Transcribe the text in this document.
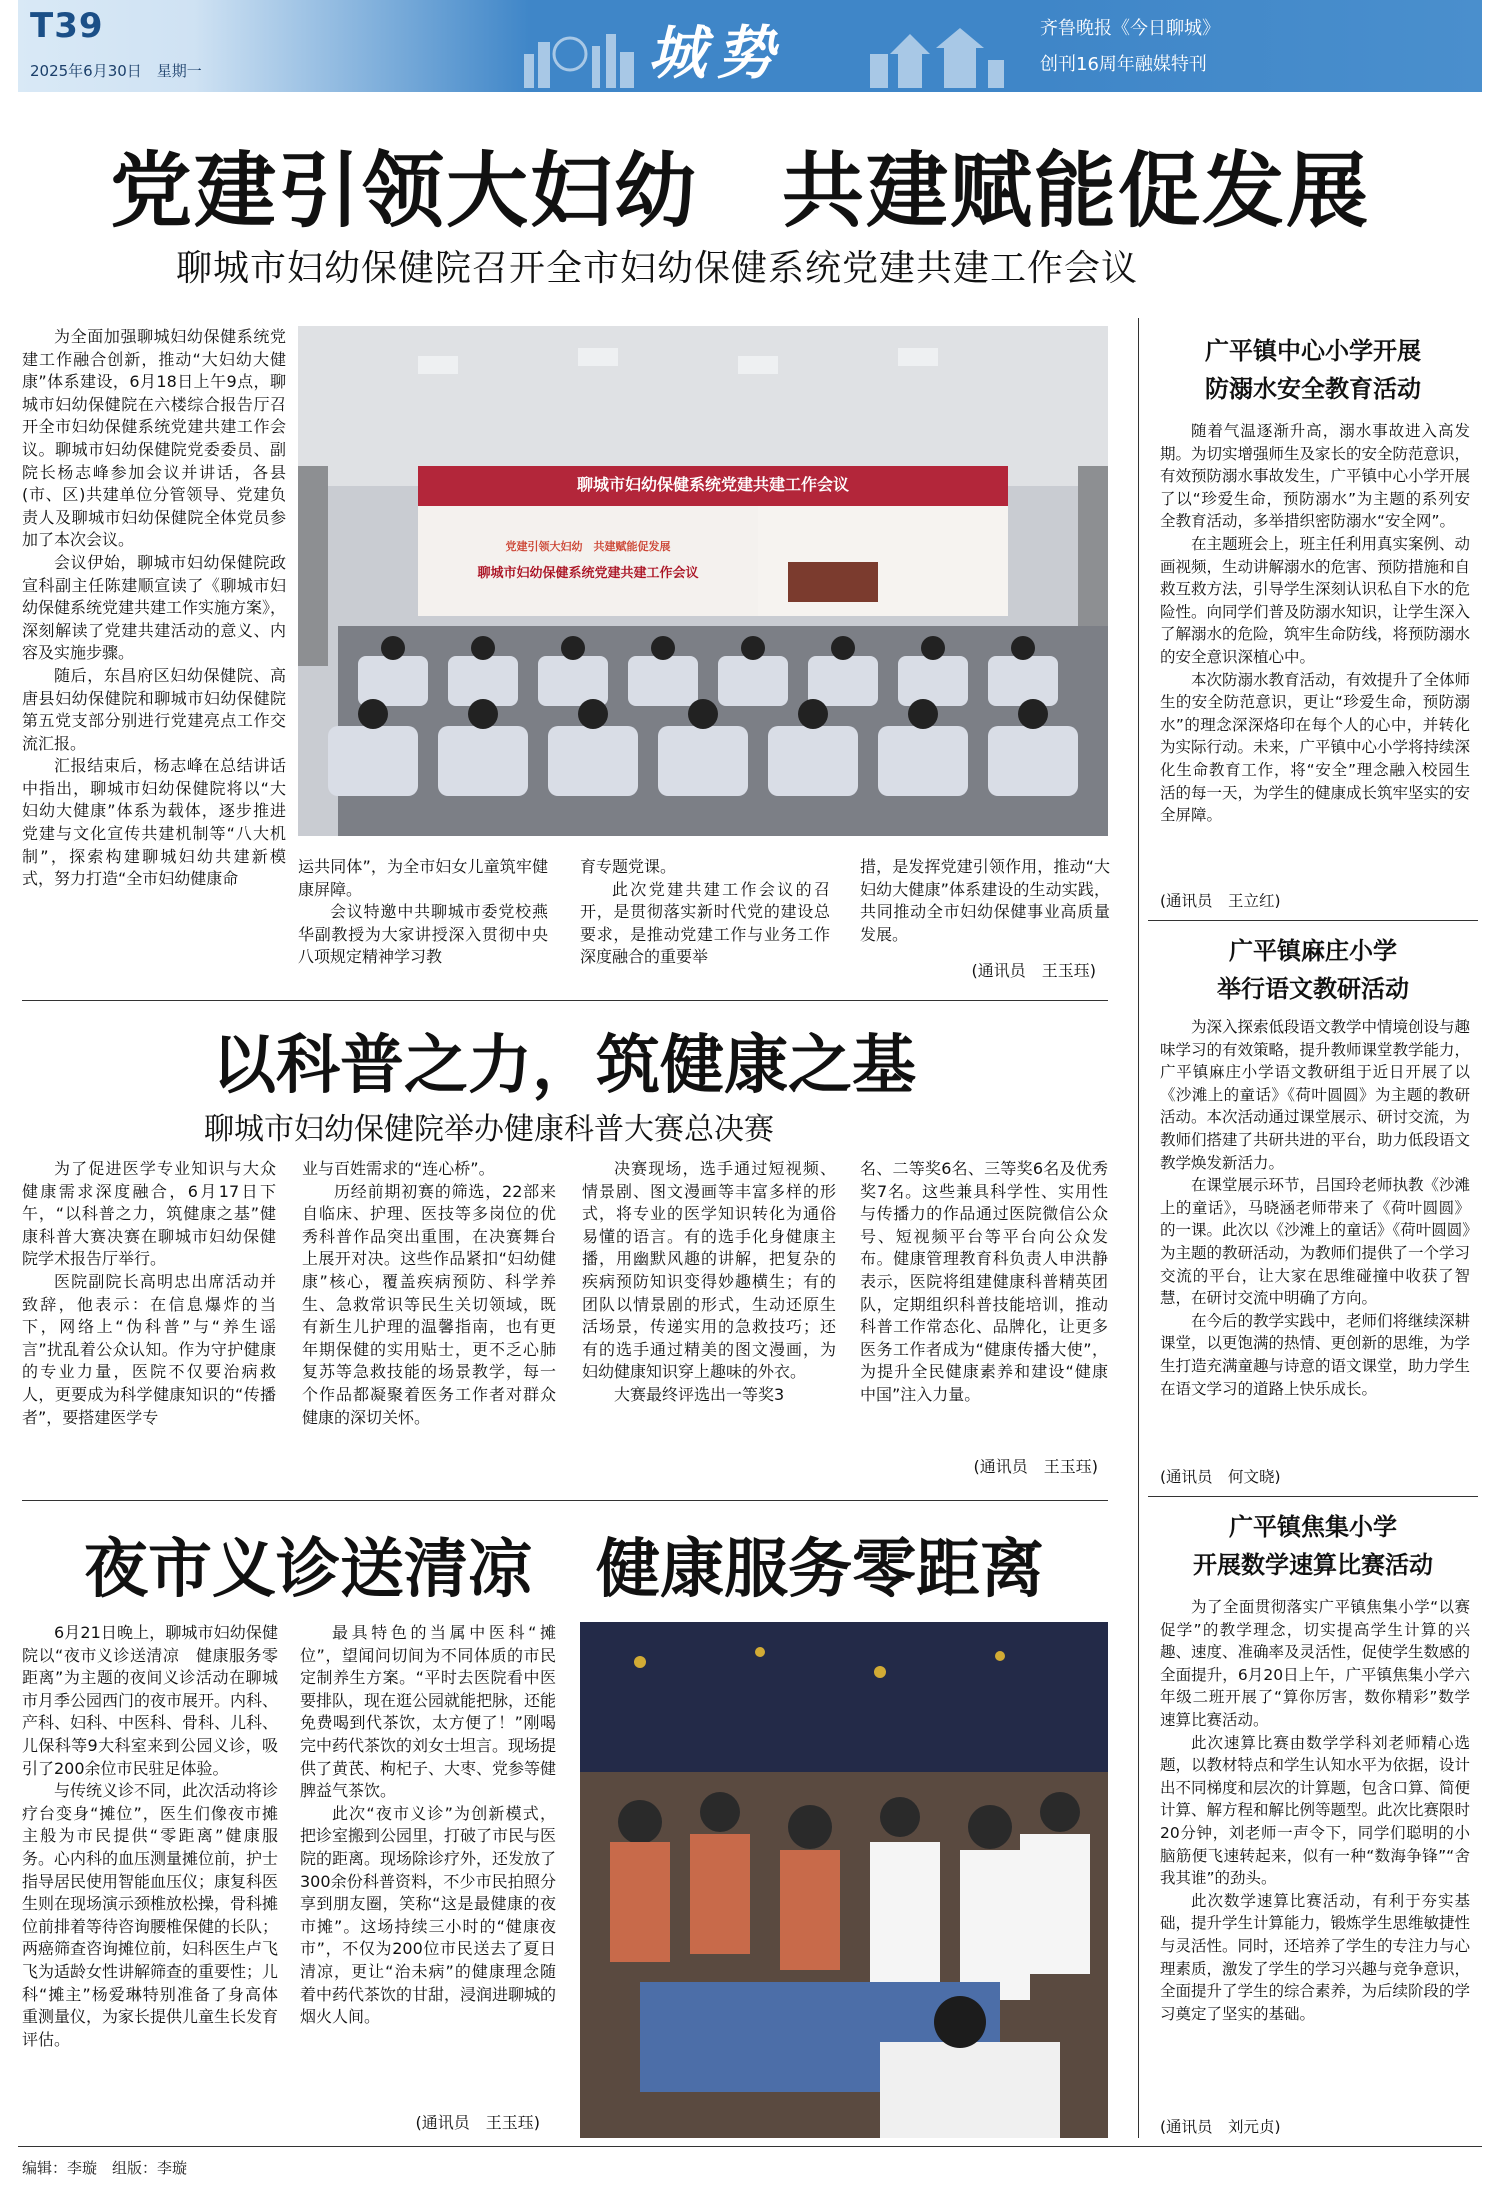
T39
2025年6月30日　星期一	城势	齐鲁晚报《今日聊城》
创刊16周年融媒特刊
党建引领大妇幼　共建赋能促发展
聊城市妇幼保健院召开全市妇幼保健系统党建共建工作会议

为全面加强聊城妇幼保健系统党建工作融合创新，推动“大妇幼大健康”体系建设，6月18日上午9点，聊城市妇幼保健院在六楼综合报告厅召开全市妇幼保健系统党建共建工作会议。聊城市妇幼保健院党委委员、副院长杨志峰参加会议并讲话，各县(市、区)共建单位分管领导、党建负责人及聊城市妇幼保健院全体党员参加了本次会议。

会议伊始，聊城市妇幼保健院政宣科副主任陈建顺宣读了《聊城市妇幼保健系统党建共建工作实施方案》，深刻解读了党建共建活动的意义、内容及实施步骤。

随后，东昌府区妇幼保健院、高唐县妇幼保健院和聊城市妇幼保健院第五党支部分别进行党建亮点工作交流汇报。

汇报结束后，杨志峰在总结讲话中指出，聊城市妇幼保健院将以“大妇幼大健康”体系为载体，逐步推进党建与文化宣传共建机制等“八大机制”，探索构建聊城妇幼共建新模式，努力打造“全市妇幼健康命

聊城市妇幼保健系统党建共建工作会议
党建引领大妇幼　共建赋能促发展
聊城市妇幼保健系统党建共建工作会议

运共同体”，为全市妇女儿童筑牢健康屏障。

会议特邀中共聊城市委党校燕华副教授为大家讲授深入贯彻中央八项规定精神学习教

育专题党课。

此次党建共建工作会议的召开，是贯彻落实新时代党的建设总要求，是推动党建工作与业务工作深度融合的重要举

措，是发挥党建引领作用，推动“大妇幼大健康”体系建设的生动实践，共同推动全市妇幼保健事业高质量发展。

(通讯员　王玉珏)
以科普之力，筑健康之基
聊城市妇幼保健院举办健康科普大赛总决赛

为了促进医学专业知识与大众健康需求深度融合，6月17日下午，“以科普之力，筑健康之基”健康科普大赛决赛在聊城市妇幼保健院学术报告厅举行。

医院副院长高明忠出席活动并致辞，他表示：在信息爆炸的当下，网络上“伪科普”与“养生谣言”扰乱着公众认知。作为守护健康的专业力量，医院不仅要治病救人，更要成为科学健康知识的“传播者”，要搭建医学专

业与百姓需求的“连心桥”。

历经前期初赛的筛选，22部来自临床、护理、医技等多岗位的优秀科普作品突出重围，在决赛舞台上展开对决。这些作品紧扣“妇幼健康”核心，覆盖疾病预防、科学养生、急救常识等民生关切领域，既有新生儿护理的温馨指南，也有更年期保健的实用贴士，更不乏心肺复苏等急救技能的场景教学，每一个作品都凝聚着医务工作者对群众健康的深切关怀。

决赛现场，选手通过短视频、情景剧、图文漫画等丰富多样的形式，将专业的医学知识转化为通俗易懂的语言。有的选手化身健康主播，用幽默风趣的讲解，把复杂的疾病预防知识变得妙趣横生；有的团队以情景剧的形式，生动还原生活场景，传递实用的急救技巧；还有的选手通过精美的图文漫画，为妇幼健康知识穿上趣味的外衣。

大赛最终评选出一等奖3

名、二等奖6名、三等奖6名及优秀奖7名。这些兼具科学性、实用性与传播力的作品通过医院微信公众号、短视频平台等平台向公众发布。健康管理教育科负责人申洪静表示，医院将组建健康科普精英团队，定期组织科普技能培训，推动科普工作常态化、品牌化，让更多医务工作者成为“健康传播大使”，为提升全民健康素养和建设“健康中国”注入力量。

(通讯员　王玉珏)
夜市义诊送清凉　健康服务零距离

6月21日晚上，聊城市妇幼保健院以“夜市义诊送清凉　健康服务零距离”为主题的夜间义诊活动在聊城市月季公园西门的夜市展开。内科、产科、妇科、中医科、骨科、儿科、儿保科等9大科室来到公园义诊，吸引了200余位市民驻足体验。

与传统义诊不同，此次活动将诊疗台变身“摊位”，医生们像夜市摊主般为市民提供“零距离”健康服务。心内科的血压测量摊位前，护士指导居民使用智能血压仪；康复科医生则在现场演示颈椎放松操，骨科摊位前排着等待咨询腰椎保健的长队；两癌筛查咨询摊位前，妇科医生卢飞飞为适龄女性讲解筛查的重要性；儿科“摊主”杨爱琳特别准备了身高体重测量仪，为家长提供儿童生长发育评估。

最具特色的当属中医科“摊位”，望闻问切间为不同体质的市民定制养生方案。“平时去医院看中医要排队，现在逛公园就能把脉，还能免费喝到代茶饮，太方便了！”刚喝完中药代茶饮的刘女士坦言。现场提供了黄芪、枸杞子、大枣、党参等健脾益气茶饮。

此次“夜市义诊”为创新模式，把诊室搬到公园里，打破了市民与医院的距离。现场除诊疗外，还发放了300余份科普资料，不少市民拍照分享到朋友圈，笑称“这是最健康的夜市摊”。这场持续三小时的“健康夜市”，不仅为200位市民送去了夏日清凉，更让“治未病”的健康理念随着中药代茶饮的甘甜，浸润进聊城的烟火人间。

(通讯员　王玉珏)
广平镇中心小学开展
防溺水安全教育活动

随着气温逐渐升高，溺水事故进入高发期。为切实增强师生及家长的安全防范意识，有效预防溺水事故发生，广平镇中心小学开展了以“珍爱生命，预防溺水”为主题的系列安全教育活动，多举措织密防溺水“安全网”。

在主题班会上，班主任利用真实案例、动画视频，生动讲解溺水的危害、预防措施和自救互救方法，引导学生深刻认识私自下水的危险性。向同学们普及防溺水知识，让学生深入了解溺水的危险，筑牢生命防线，将预防溺水的安全意识深植心中。

本次防溺水教育活动，有效提升了全体师生的安全防范意识，更让“珍爱生命，预防溺水”的理念深深烙印在每个人的心中，并转化为实际行动。未来，广平镇中心小学将持续深化生命教育工作，将“安全”理念融入校园生活的每一天，为学生的健康成长筑牢坚实的安全屏障。

(通讯员　王立红)
广平镇麻庄小学
举行语文教研活动

为深入探索低段语文教学中情境创设与趣味学习的有效策略，提升教师课堂教学能力，广平镇麻庄小学语文教研组于近日开展了以《沙滩上的童话》《荷叶圆圆》为主题的教研活动。本次活动通过课堂展示、研讨交流，为教师们搭建了共研共进的平台，助力低段语文教学焕发新活力。

在课堂展示环节，吕国玲老师执教《沙滩上的童话》，马晓涵老师带来了《荷叶圆圆》的一课。此次以《沙滩上的童话》《荷叶圆圆》为主题的教研活动，为教师们提供了一个学习交流的平台，让大家在思维碰撞中收获了智慧，在研讨交流中明确了方向。

在今后的教学实践中，老师们将继续深耕课堂，以更饱满的热情、更创新的思维，为学生打造充满童趣与诗意的语文课堂，助力学生在语文学习的道路上快乐成长。

(通讯员　何文晓)
广平镇焦集小学
开展数学速算比赛活动

为了全面贯彻落实广平镇焦集小学“以赛促学”的教学理念，切实提高学生计算的兴趣、速度、准确率及灵活性，促使学生数感的全面提升，6月20日上午，广平镇焦集小学六年级二班开展了“算你厉害，数你精彩”数学速算比赛活动。

此次速算比赛由数学学科刘老师精心选题，以教材特点和学生认知水平为依据，设计出不同梯度和层次的计算题，包含口算、简便计算、解方程和解比例等题型。此次比赛限时20分钟，刘老师一声令下，同学们聪明的小脑筋便飞速转起来，似有一种“数海争锋”“舍我其谁”的劲头。

此次数学速算比赛活动，有利于夯实基础，提升学生计算能力，锻炼学生思维敏捷性与灵活性。同时，还培养了学生的专注力与心理素质，激发了学生的学习兴趣与竞争意识，全面提升了学生的综合素养，为后续阶段的学习奠定了坚实的基础。

(通讯员　刘元贞)
编辑：李璇　组版：李璇
